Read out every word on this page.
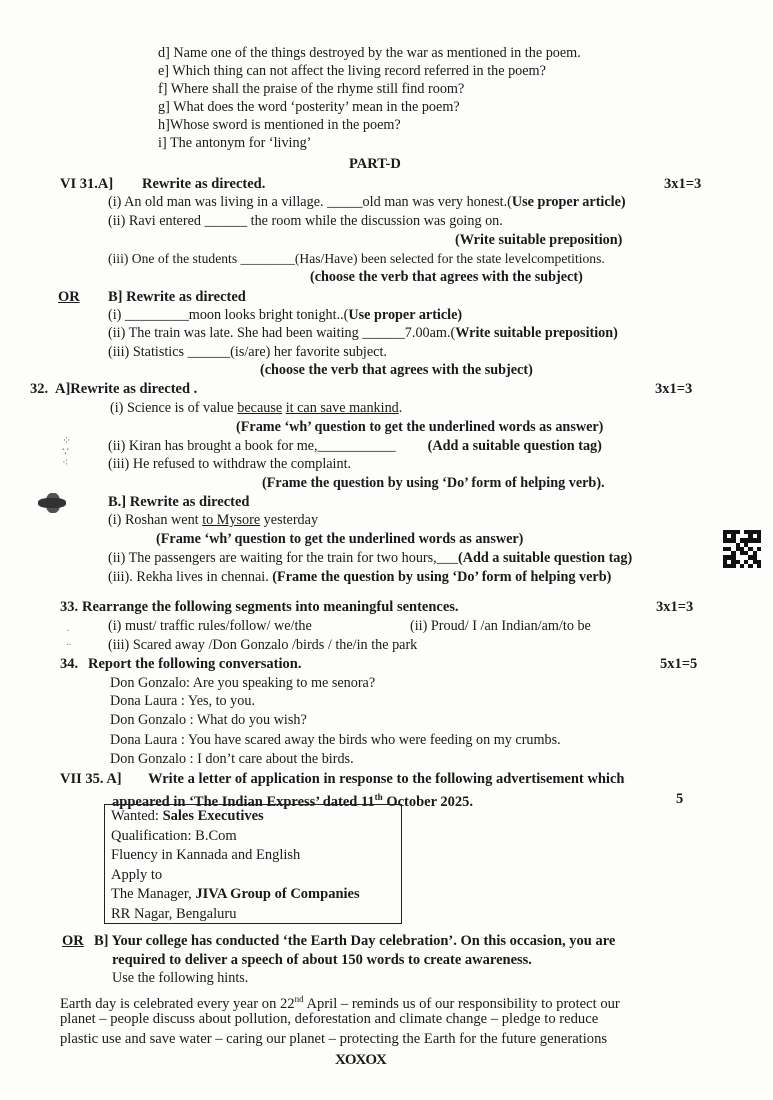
d] Name one of the things destroyed by the war as mentioned in the poem.
e] Which thing can not affect the living record referred in the poem?
f] Where shall the praise of the rhyme still find room?
g] What does the word ‘posterity’ mean in the poem?
h]Whose sword is mentioned in the poem?
i] The antonym for ‘living’
PART-D
VI 31.A] Rewrite as directed.	3x1=3
(i) An old man was living in a village. _____old man was very honest.(Use proper article)
(ii) Ravi entered ______ the room while the discussion was going on.
(Write suitable preposition)
(iii) One of the students ________(Has/Have) been selected for the state levelcompetitions.
(choose the verb that agrees with the subject)
OR B] Rewrite as directed
(i) _________moon looks bright tonight..(Use proper article)
(ii) The train was late. She had been waiting ______7.00am.(Write suitable preposition)
(iii) Statistics ______(is/are) her favorite subject.
(choose the verb that agrees with the subject)
32. A]Rewrite as directed .	3x1=3
(i) Science is of value because it can save mankind.
(Frame ‘wh’ question to get the underlined words as answer)
(ii) Kiran has brought a book for me,___________ (Add a suitable question tag)
(iii) He refused to withdraw the complaint.
(Frame the question by using ‘Do’ form of helping verb).
B.] Rewrite as directed
(i) Roshan went to Mysore yesterday
(Frame ‘wh’ question to get the underlined words as answer)
(ii) The passengers are waiting for the train for two hours,___(Add a suitable question tag)
(iii). Rekha lives in chennai. (Frame the question by using ‘Do’ form of helping verb)
33. Rearrange the following segments into meaningful sentences.	3x1=3
(i) must/ traffic rules/follow/ we/the	(ii) Proud/ I /an Indian/am/to be
(iii) Scared away /Don Gonzalo /birds / the/in the park
34. Report the following conversation.	5x1=5
Don Gonzalo: Are you speaking to me senora?
Dona Laura : Yes, to you.
Don Gonzalo : What do you wish?
Dona Laura : You have scared away the birds who were feeding on my crumbs.
Don Gonzalo : I don’t care about the birds.
VII 35. A] Write a letter of application in response to the following advertisement which
appeared in ‘The Indian Express’ dated 11th October 2025.	5
Wanted: Sales Executives
Qualification: B.Com
Fluency in Kannada and English
Apply to
The Manager, JIVA Group of Companies
RR Nagar, Bengaluru
OR B] Your college has conducted ‘the Earth Day celebration’. On this occasion, you are
required to deliver a speech of about 150 words to create awareness.
Use the following hints.
Earth day is celebrated every year on 22nd April – reminds us of our responsibility to protect our
planet – people discuss about pollution, deforestation and climate change – pledge to reduce
plastic use and save water – caring our planet – protecting the Earth for the future generations
XOXOX
⁘
∵
⁖
·
..
